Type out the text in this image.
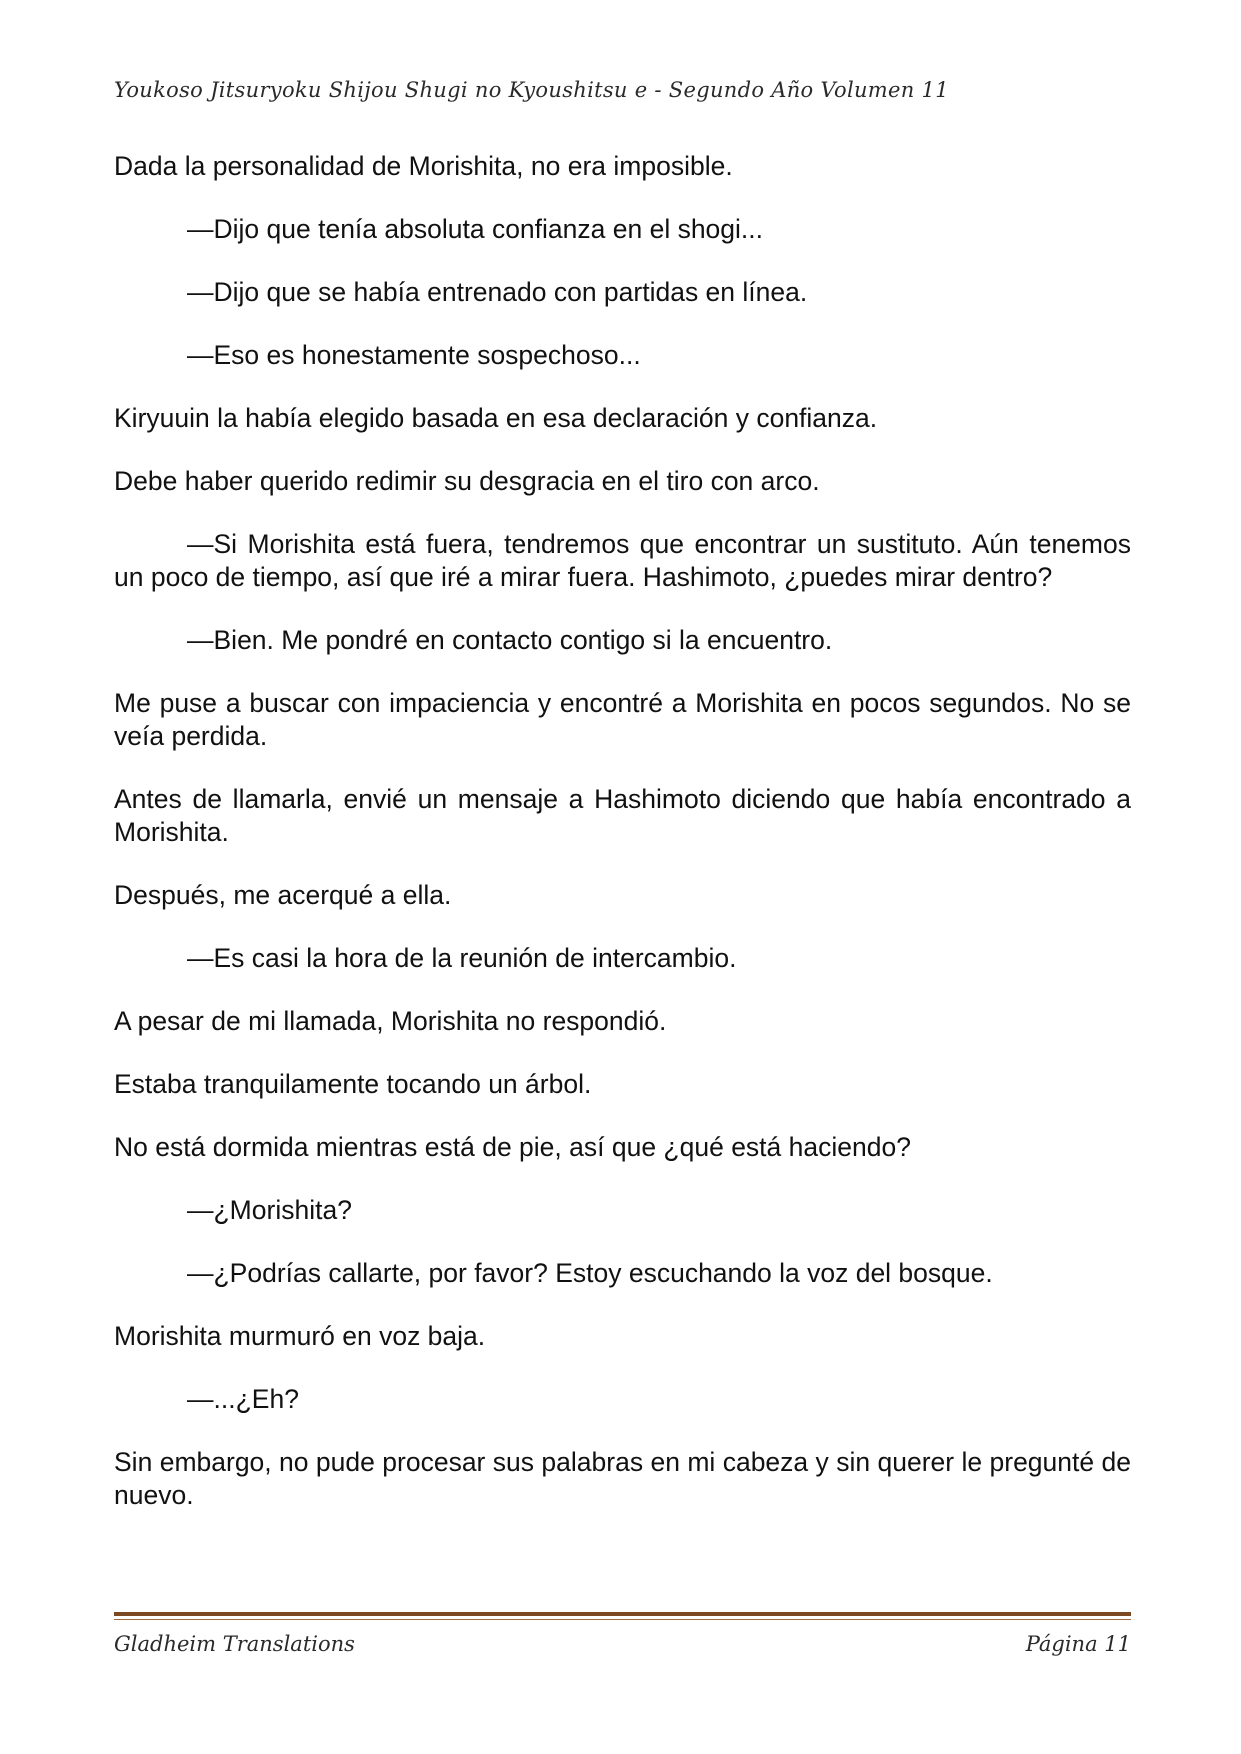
Youkoso Jitsuryoku Shijou Shugi no Kyoushitsu e - Segundo Año Volumen 11

Dada la personalidad de Morishita, no era imposible.

—Dijo que tenía absoluta confianza en el shogi...

—Dijo que se había entrenado con partidas en línea.

—Eso es honestamente sospechoso...

Kiryuuin la había elegido basada en esa declaración y confianza.

Debe haber querido redimir su desgracia en el tiro con arco.

—Si Morishita está fuera, tendremos que encontrar un sustituto. Aún tenemos un poco de tiempo, así que iré a mirar fuera. Hashimoto, ¿puedes mirar dentro?

—Bien. Me pondré en contacto contigo si la encuentro.

Me puse a buscar con impaciencia y encontré a Morishita en pocos segundos. No se veía perdida.

Antes de llamarla, envié un mensaje a Hashimoto diciendo que había encontrado a Morishita.

Después, me acerqué a ella.

—Es casi la hora de la reunión de intercambio.

A pesar de mi llamada, Morishita no respondió.

Estaba tranquilamente tocando un árbol.

No está dormida mientras está de pie, así que ¿qué está haciendo?

—¿Morishita?

—¿Podrías callarte, por favor? Estoy escuchando la voz del bosque.

Morishita murmuró en voz baja.

—...¿Eh?

Sin embargo, no pude procesar sus palabras en mi cabeza y sin querer le pregunté de nuevo.

Gladheim Translations	Página 11
